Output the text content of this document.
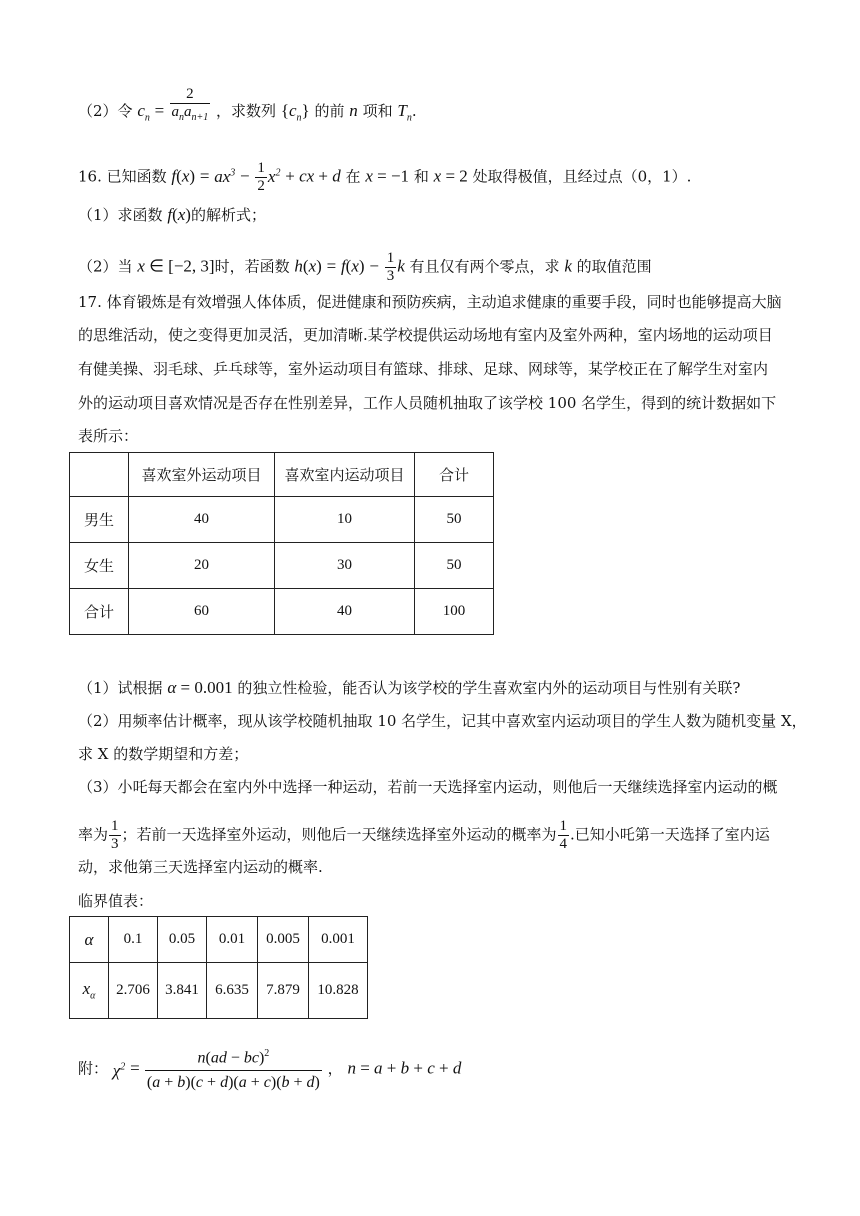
（2）令 $c_n = \frac{2}{a_na_{n+1}}$ ，求数列 $\{c_n\}$ 的前 n 项和 $T_n$.
16. 已知函数 $f(x) = ax^3 - \frac{1}{2} x^2$ + cx + d 在 x = −1 和 x = 2 处取得极值，且经过点（0，1）.
（1）求函数 f(x)的解析式；
（2）当 x ∈ [−2, 3]时，若函数 $h(x) = f(x) - \frac{1}{3}$ k 有且仅有两个零点，求 k 的取值范围
17. 体育锻炼是有效增强人体体质，促进健康和预防疾病，主动追求健康的重要手段，同时也能够提高大脑
的思维活动，使之变得更加灵活，更加清晰.某学校提供运动场地有室内及室外两种，室内场地的运动项目
有健美操、羽毛球、乒乓球等，室外运动项目有篮球、排球、足球、网球等，某学校正在了解学生对室内
外的运动项目喜欢情况是否存在性别差异，工作人员随机抽取了该学校 100 名学生，得到的统计数据如下
表所示：
	喜欢室外运动项目	喜欢室内运动项目	合计
男生	40	10	50
女生	20	30	50
合计	60	40	100
（1）试根据 α = 0.001 的独立性检验，能否认为该学校的学生喜欢室内外的运动项目与性别有关联?
（2）用频率估计概率，现从该学校随机抽取 10 名学生，记其中喜欢室内运动项目的学生人数为随机变量 X，
求 X 的数学期望和方差；
（3）小吒每天都会在室内外中选择一种运动，若前一天选择室内运动，则他后一天继续选择室内运动的概
率为 $\frac{1}{3}$ ；若前一天选择室外运动，则他后一天继续选择室外运动的概率为 $\frac{1}{4}$ .已知小吒第一天选择了室内运
动，求他第三天选择室内运动的概率.
临界值表：
α	0.1	0.05	0.01	0.005	0.001
$x_\alpha$	2.706	3.841	6.635	7.879	10.828
附： $\chi^2 = \frac{n(ad - bc)^2}{(a + b)(c + d)(a + c)(b + d)}$ ， n = a + b + c + d
